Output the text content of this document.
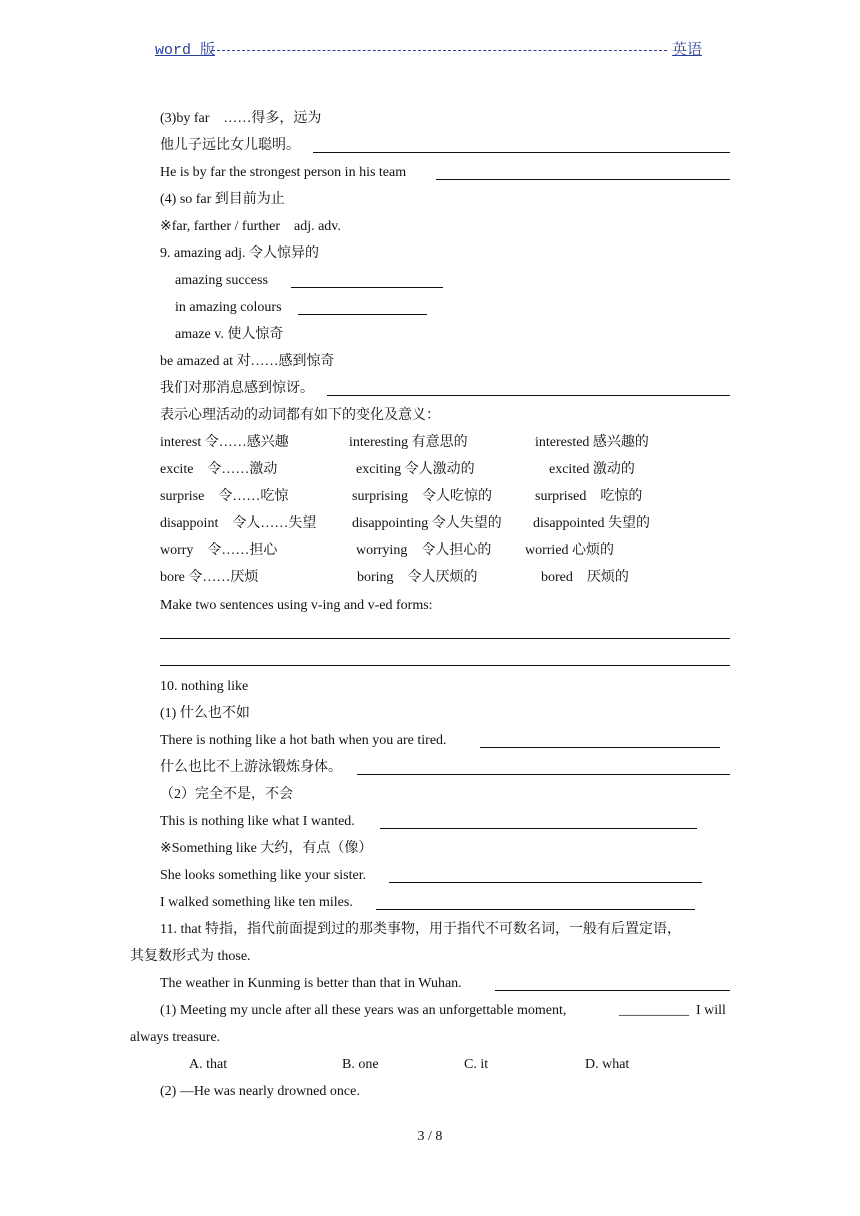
word 版	英语
(3)by far　……得多，远为
他儿子远比女儿聪明。
He is by far the strongest person in his team
(4) so far 到目前为止
※far, farther / further　adj. adv.
9. amazing adj. 令人惊异的
amazing success
in amazing colours
amaze v. 使人惊奇
be amazed at 对……感到惊奇
我们对那消息感到惊讶。
表示心理活动的动词都有如下的变化及意义：
interest 令……感兴趣	interesting 有意思的	interested 感兴趣的
excite　令……激动	exciting 令人激动的	excited 激动的
surprise　令……吃惊	surprising　令人吃惊的	surprised　吃惊的
disappoint　令人……失望	disappointing 令人失望的 disappointed 失望的
worry　令……担心	worrying　令人担心的 worried 心烦的
bore 令……厌烦	boring　令人厌烦的	bored　厌烦的
Make two sentences using v-ing and v-ed forms:
10. nothing like
(1) 什么也不如
There is nothing like a hot bath when you are tired.
什么也比不上游泳锻炼身体。
（2）完全不是，不会
This is nothing like what I wanted.
※Something like 大约，有点（像）
She looks something like your sister.
I walked something like ten miles.
11. that 特指，指代前面提到过的那类事物，用于指代不可数名词，一般有后置定语，
其复数形式为 those.
The weather in Kunming is better than that in Wuhan.
(1) Meeting my uncle after all these years was an unforgettable moment,	__________ I will
always treasure.
A. that	B. one	C. it	D. what
(2) —He was nearly drowned once.
3 / 8
